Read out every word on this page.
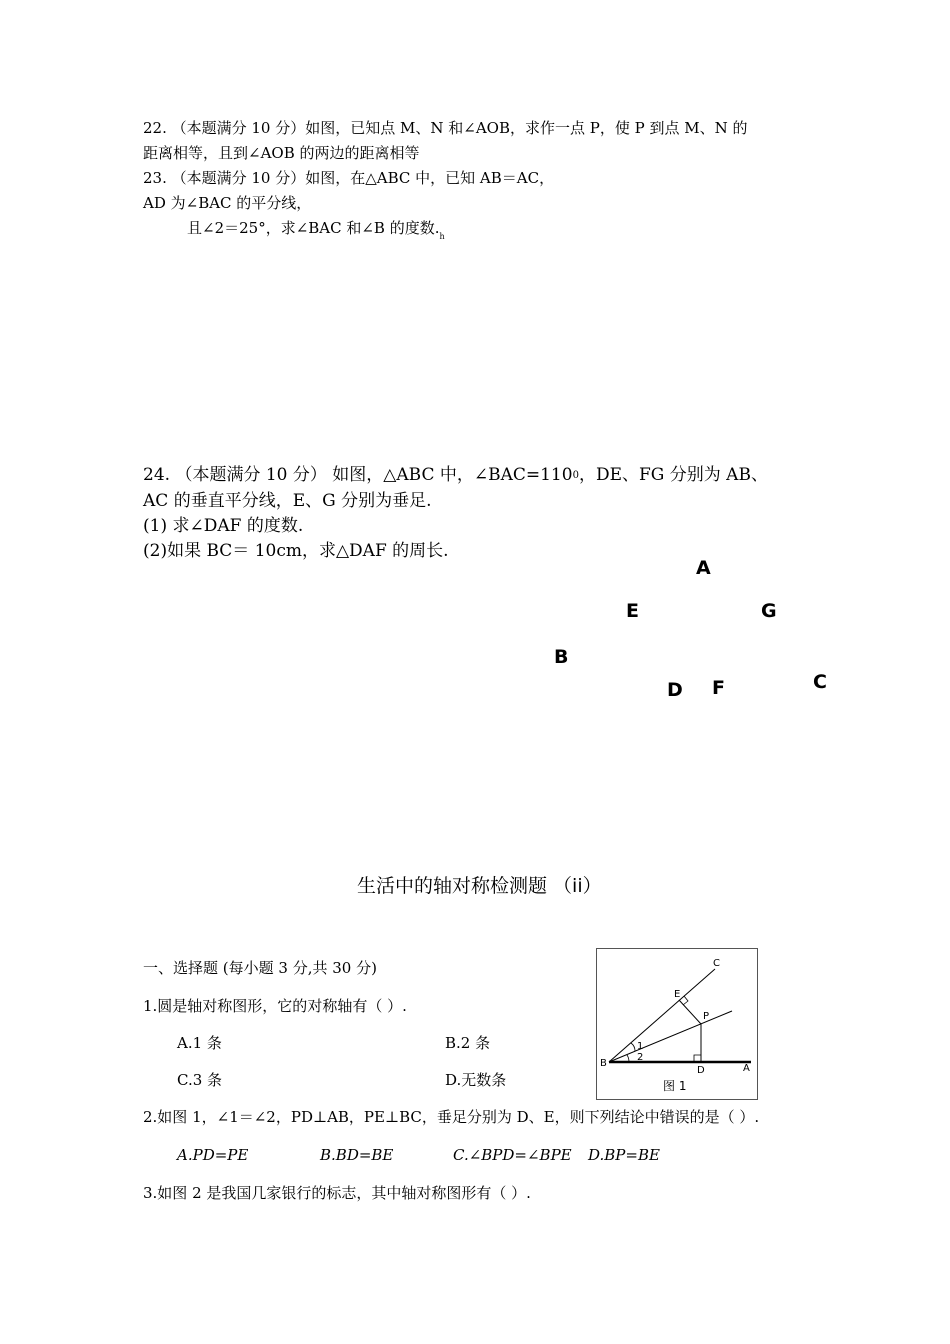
22. （本题满分 10 分）如图，已知点 M、N 和∠AOB，求作一点 P，使 P 到点 M、N 的
距离相等，且到∠AOB 的两边的距离相等
23. （本题满分 10 分）如图，在△ABC 中，已知 AB＝AC，
AD 为∠BAC 的平分线，
且∠2＝25°，求∠BAC 和∠B 的度数$._h$
24. （本题满分 10 分） 如图，△ABC 中，∠BAC=1100，DE、FG 分别为 AB、
AC 的垂直平分线，E、G 分别为垂足.
(1) 求∠DAF 的度数.
(2)如果 BC＝ 10cm，求△DAF 的周长.
A
E	G
B
D F	C
生活中的轴对称检测题 （ii）
一、选择题 (每小题 3 分,共 30 分)
1.圆是轴对称图形，它的对称轴有（ ）.
A.1 条	B.2 条
C.3 条	D.无数条
2.如图 1，∠1＝∠2，PD⊥AB，PE⊥BC，垂足分别为 D、E，则下列结论中错误的是（ ）.
A.PD=PE	B.BD=BE	C.∠BPD=∠BPE D.BP=BE
3.如图 2 是我国几家银行的标志，其中轴对称图形有（ ）.
C
E
P
B
D	A
1
2
图 1
